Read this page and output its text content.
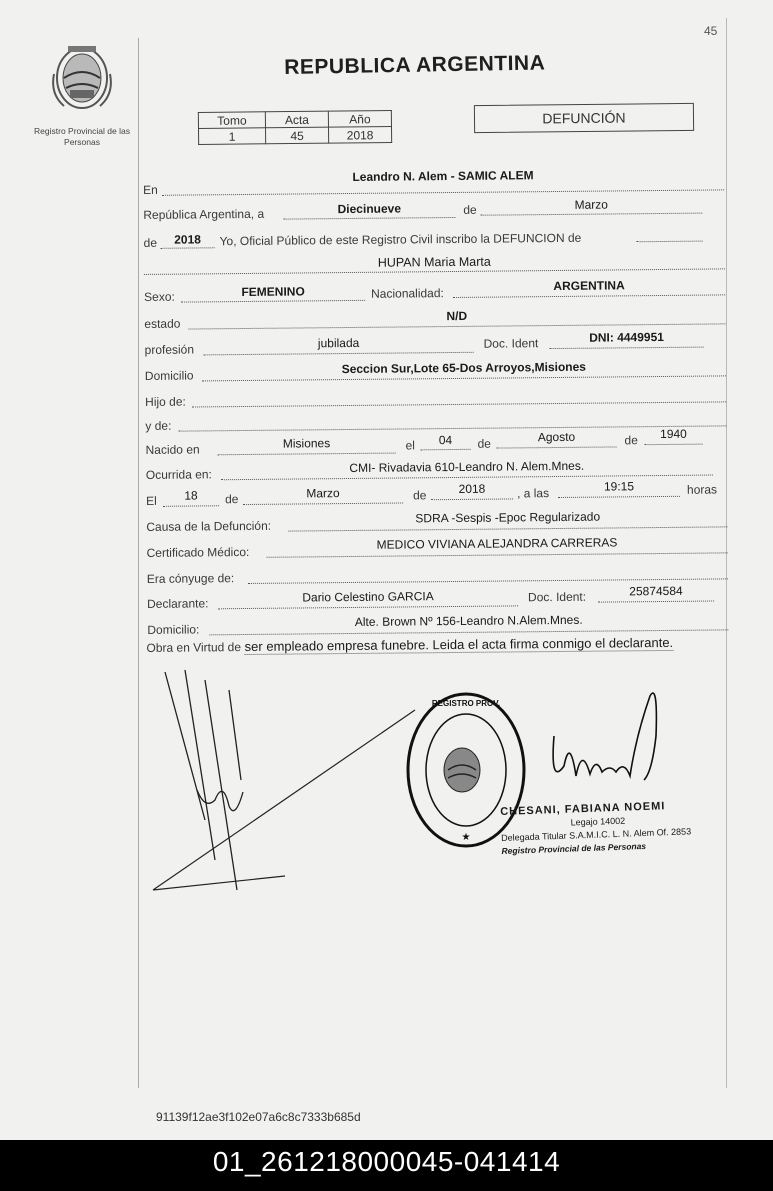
45
Registro Provincial de las Personas
REPUBLICA ARGENTINA
Tomo	Acta	Año
1	45	2018
DEFUNCIÓN
En
Leandro N. Alem - SAMIC ALEM
República Argentina, a	Diecinueve	de	Marzo
de	2018	Yo, Oficial Público de este Registro Civil inscribo la DEFUNCION de
HUPAN Maria Marta
Sexo:	FEMENINO	Nacionalidad:
ARGENTINA
estado
N/D
profesión	jubilada	Doc. Ident	DNI: 4449951
Domicilio	Seccion Sur,Lote 65-Dos Arroyos,Misiones
Hijo de:
y de:
Nacido en	Misiones	el	04	de	Agosto	de	1940
Ocurrida en:	CMI- Rivadavia 610-Leandro N. Alem.Mnes.
El	18	de	Marzo	de	2018	, a las	19:15	horas
Causa de la Defunción:
SDRA -Sespis -Epoc Regularizado
Certificado Médico:
MEDICO VIVIANA ALEJANDRA CARRERAS
Era cónyuge de:
Declarante:	Dario Celestino GARCIA	Doc. Ident:	25874584
Domicilio:
Alte. Brown Nº 156-Leandro N.Alem.Mnes.
Obra en Virtud de ser empleado empresa funebre. Leida el acta firma conmigo el declarante.
REGISTRO PROV.
★
CHESANI, FABIANA NOEMI
Legajo 14002
Delegada Titular S.A.M.I.C. L. N. Alem Of. 2853
Registro Provincial de las Personas
91139f12ae3f102e07a6c8c7333b685d
01_261218000045-041414
